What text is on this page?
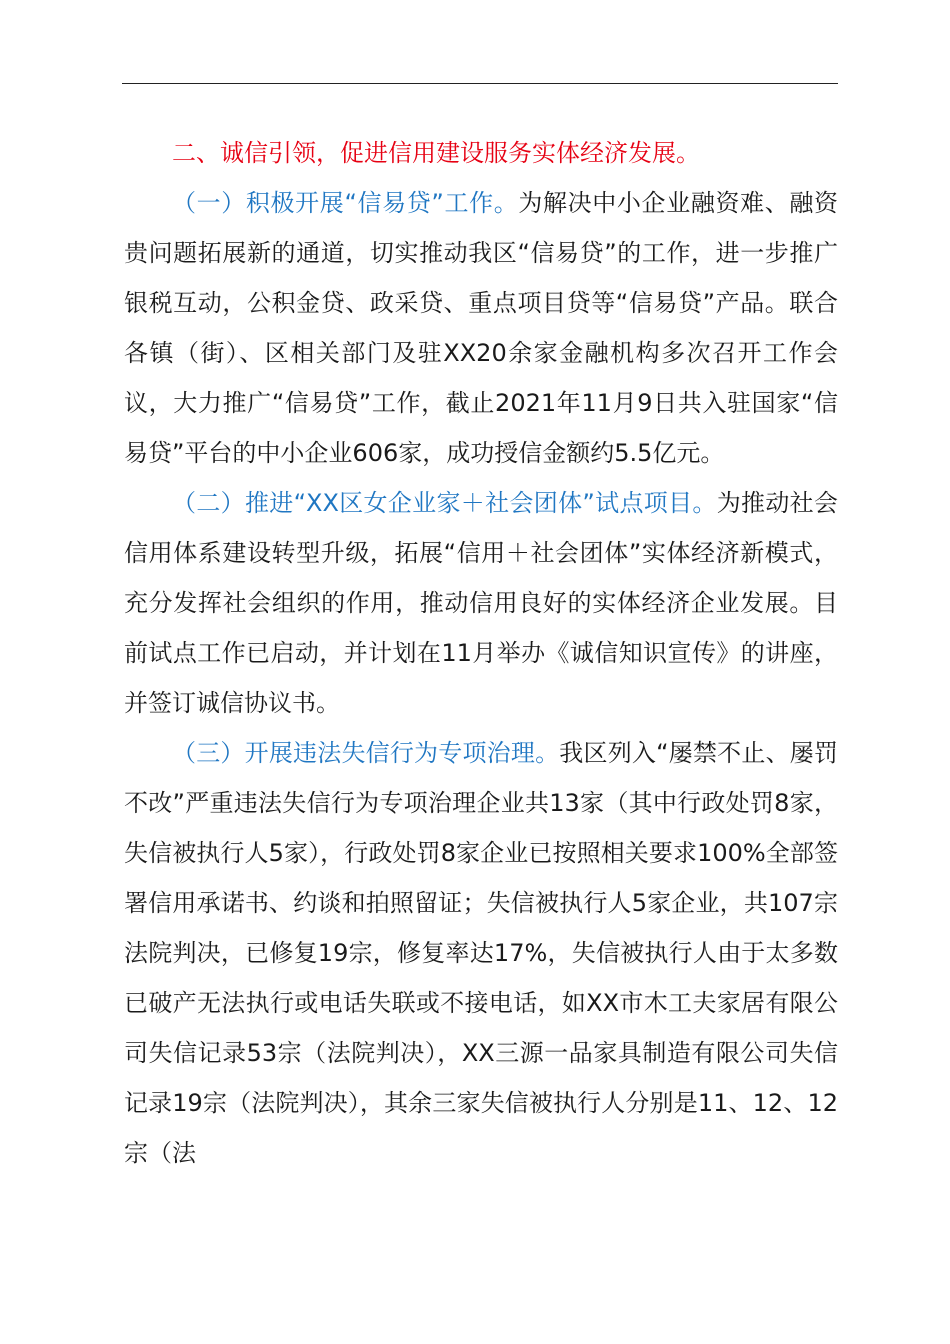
二、诚信引领，促进信用建设服务实体经济发展。

（一）积极开展“信易贷”工作。为解决中小企业融资难、融资贵问题拓展新的通道，切实推动我区“信易贷”的工作，进一步推广银税互动，公积金贷、政采贷、重点项目贷等“信易贷”产品。联合各镇（街）、区相关部门及驻XX20余家金融机构多次召开工作会议，大力推广“信易贷”工作，截止2021年11月9日共入驻国家“信易贷”平台的中小企业606家，成功授信金额约5.5亿元。

（二）推进“XX区女企业家＋社会团体”试点项目。为推动社会信用体系建设转型升级，拓展“信用＋社会团体”实体经济新模式，充分发挥社会组织的作用，推动信用良好的实体经济企业发展。目前试点工作已启动，并计划在11月举办《诚信知识宣传》的讲座，并签订诚信协议书。

（三）开展违法失信行为专项治理。我区列入“屡禁不止、屡罚不改”严重违法失信行为专项治理企业共13家（其中行政处罚8家，失信被执行人5家），行政处罚8家企业已按照相关要求100%全部签署信用承诺书、约谈和拍照留证；失信被执行人5家企业，共107宗法院判决，已修复19宗，修复率达17%，失信被执行人由于太多数已破产无法执行或电话失联或不接电话，如XX市木工夫家居有限公司失信记录53宗（法院判决），XX三源一品家具制造有限公司失信记录19宗（法院判决），其余三家失信被执行人分别是11、12、12宗（法
